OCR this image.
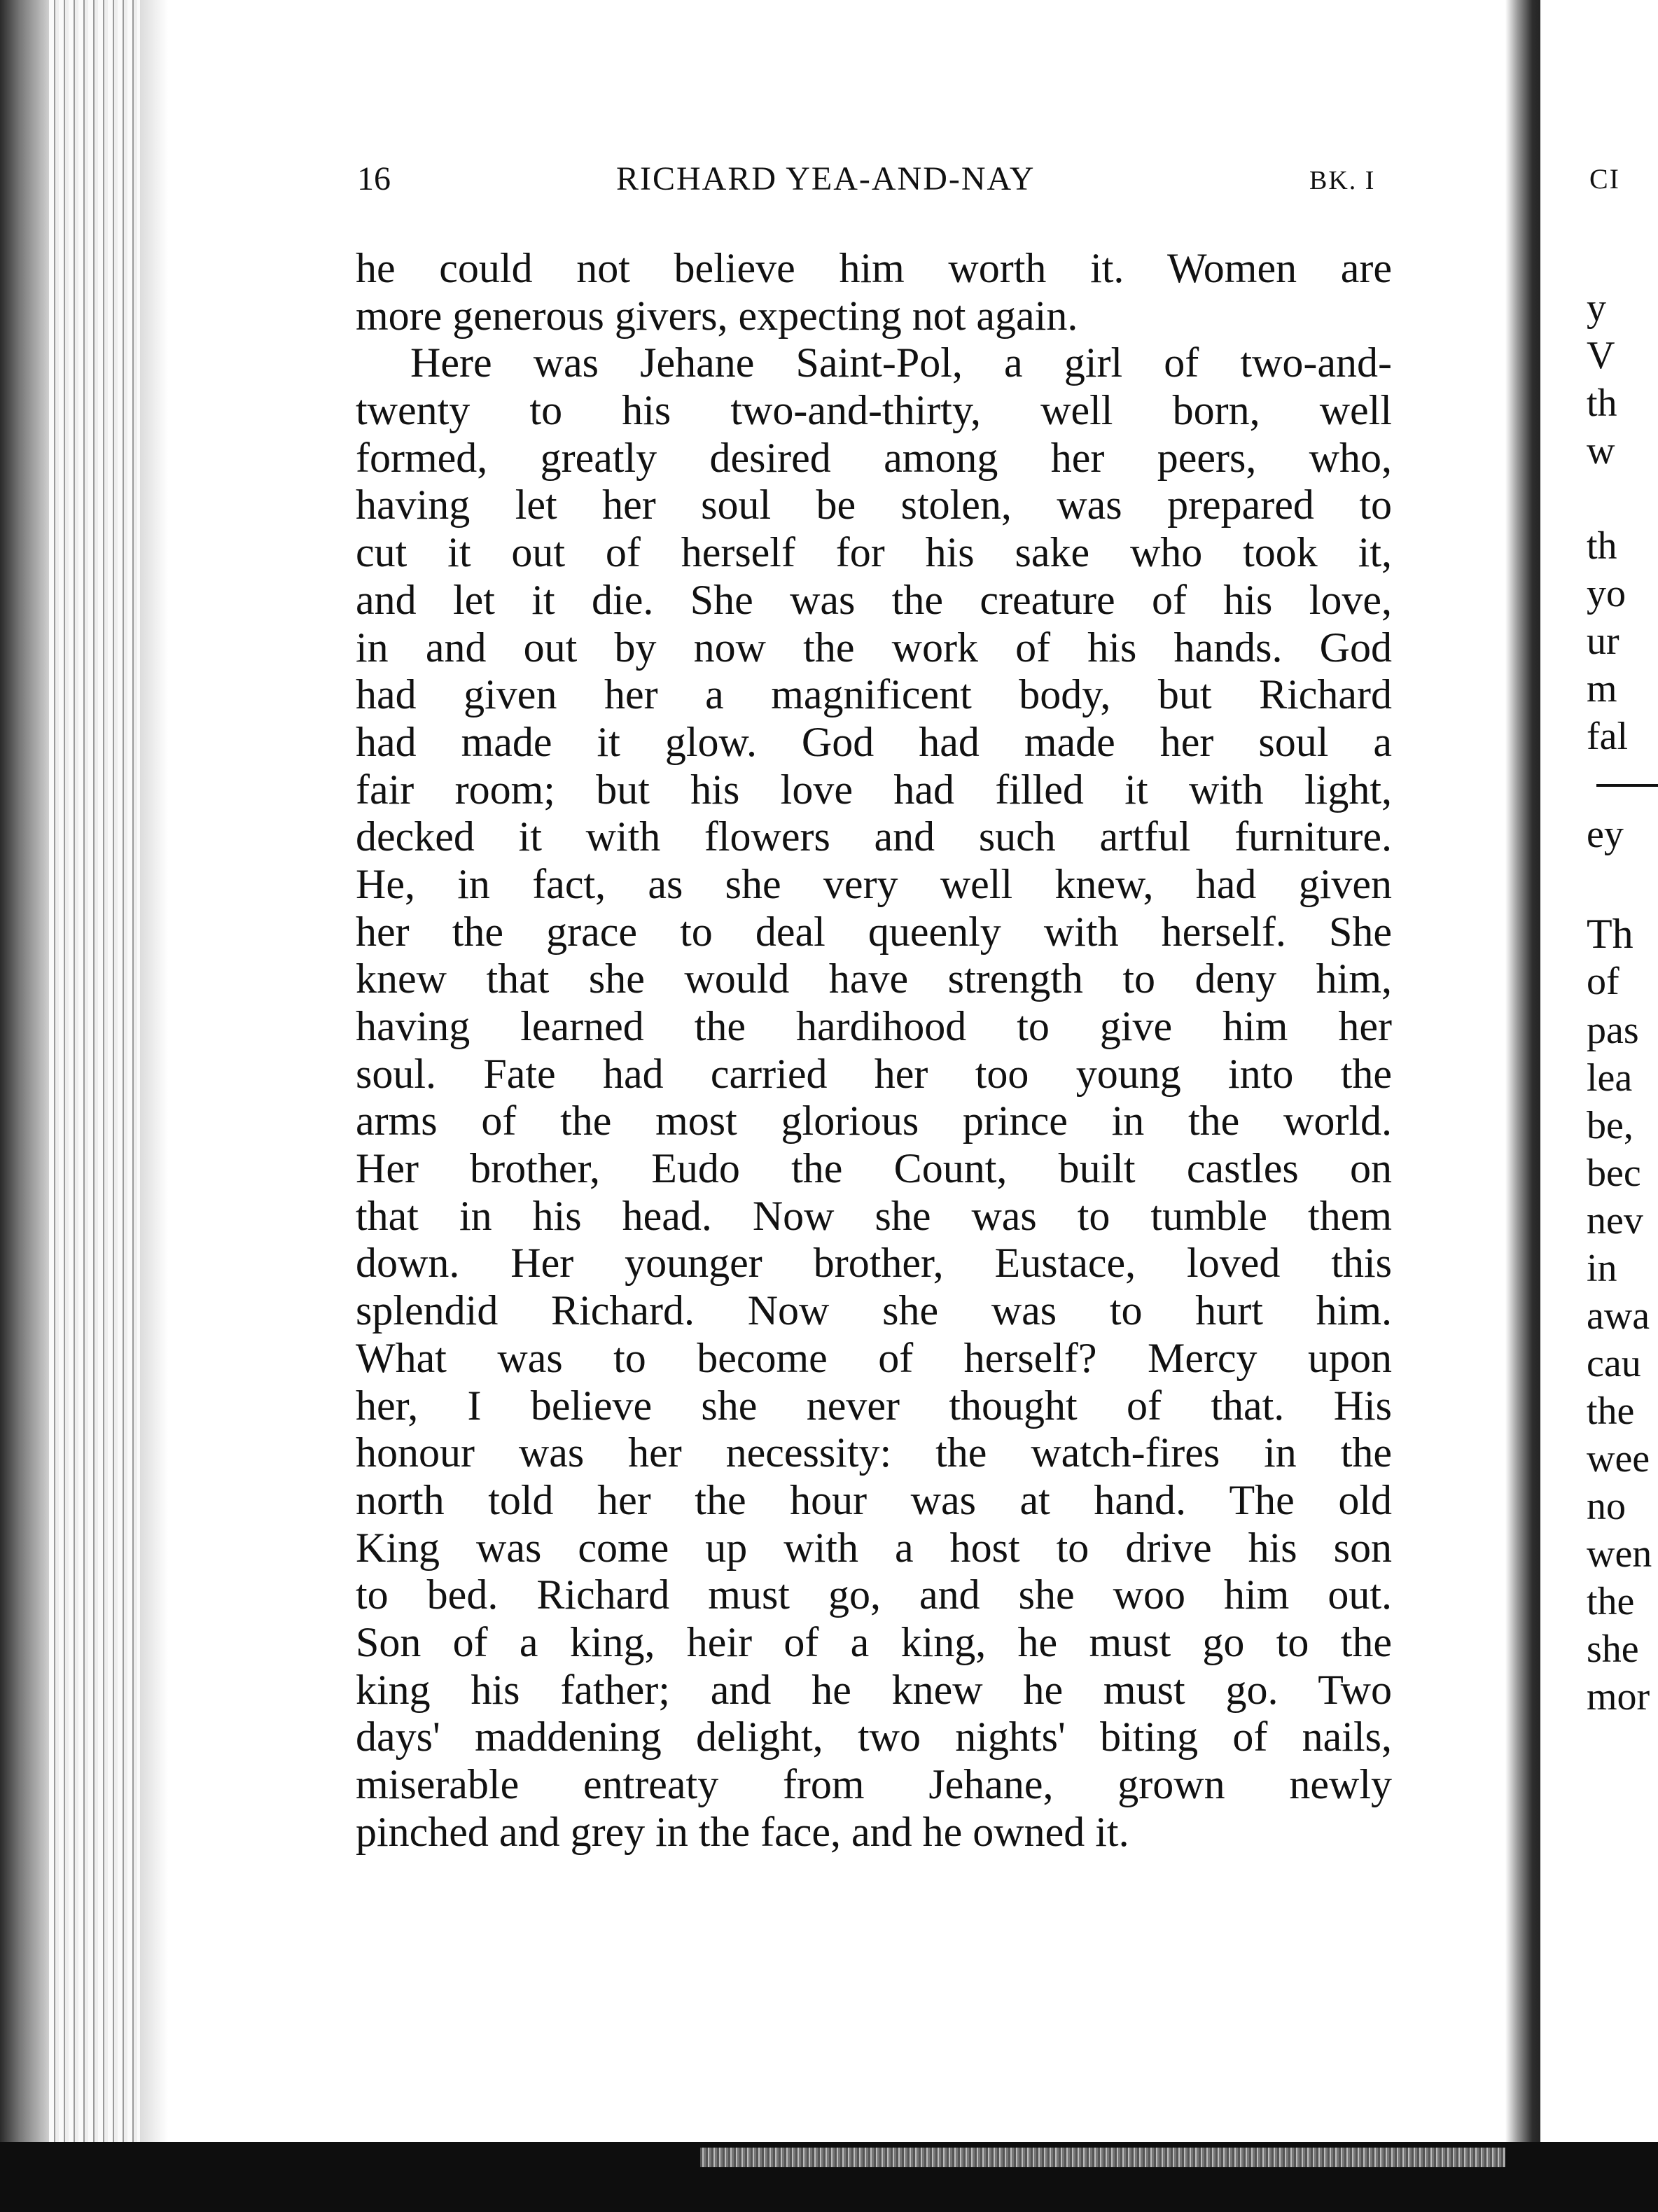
16	RICHARD YEA-AND-NAY	BK. I
he could not believe him worth it. Women are
more generous givers, expecting not again.
Here was Jehane Saint-Pol, a girl of two-and-
twenty to his two-and-thirty, well born, well
formed, greatly desired among her peers, who,
having let her soul be stolen, was prepared to
cut it out of herself for his sake who took it,
and let it die. She was the creature of his love,
in and out by now the work of his hands. God
had given her a magnificent body, but Richard
had made it glow. God had made her soul a
fair room; but his love had filled it with light,
decked it with flowers and such artful furniture.
He, in fact, as she very well knew, had given
her the grace to deal queenly with herself. She
knew that she would have strength to deny him,
having learned the hardihood to give him her
soul. Fate had carried her too young into the
arms of the most glorious prince in the world.
Her brother, Eudo the Count, built castles on
that in his head. Now she was to tumble them
down. Her younger brother, Eustace, loved this
splendid Richard. Now she was to hurt him.
What was to become of herself? Mercy upon
her, I believe she never thought of that. His
honour was her necessity: the watch-fires in the
north told her the hour was at hand. The old
King was come up with a host to drive his son
to bed. Richard must go, and she woo him out.
Son of a king, heir of a king, he must go to the
king his father; and he knew he must go. Two
days' maddening delight, two nights' biting of nails,
miserable entreaty from Jehane, grown newly
pinched and grey in the face, and he owned it.
CI
y
V
th
w
th
yo
ur
m
fal
ey
Th
of
pas
lea
be,
bec
nev
in
awa
cau
the
wee
no
wen
the
she
mor
